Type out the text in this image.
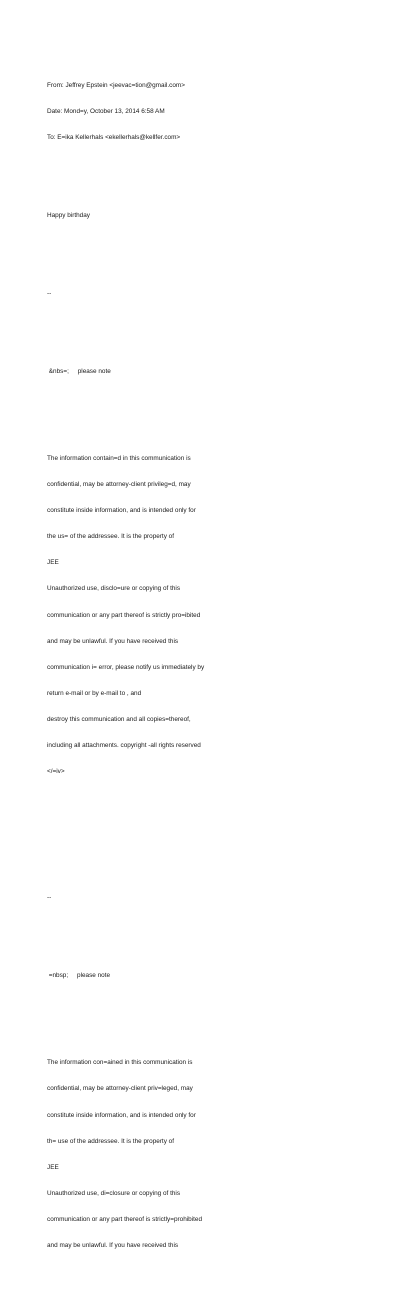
From: Jeffrey Epstein <jeevac=tion@gmail.com>

Date: Mond=y, October 13, 2014 6:58 AM

To: E=ika Kellerhals <ekellerhals@kellfer.com>

Happy birthday

--

&nbs=;     please note

The information contain=d in this communication is

confidential, may be attorney-client privileg=d, may

constitute inside information, and is intended only for

the us= of the addressee. It is the property of

JEE

Unauthorized use, disclo=ure or copying of this

communication or any part thereof is strictly pro=ibited

and may be unlawful. If you have received this

communication i= error, please notify us immediately by

return e-mail or by e-mail to , and

destroy this communication and all copies=thereof,

including all attachments. copyright -all rights reserved

</=iv>

--

=nbsp;     please note

The information con=ained in this communication is

confidential, may be attorney-client priv=leged, may

constitute inside information, and is intended only for

th= use of the addressee. It is the property of

JEE

Unauthorized use, di=closure or copying of this

communication or any part thereof is strictly=prohibited

and may be unlawful. If you have received this
